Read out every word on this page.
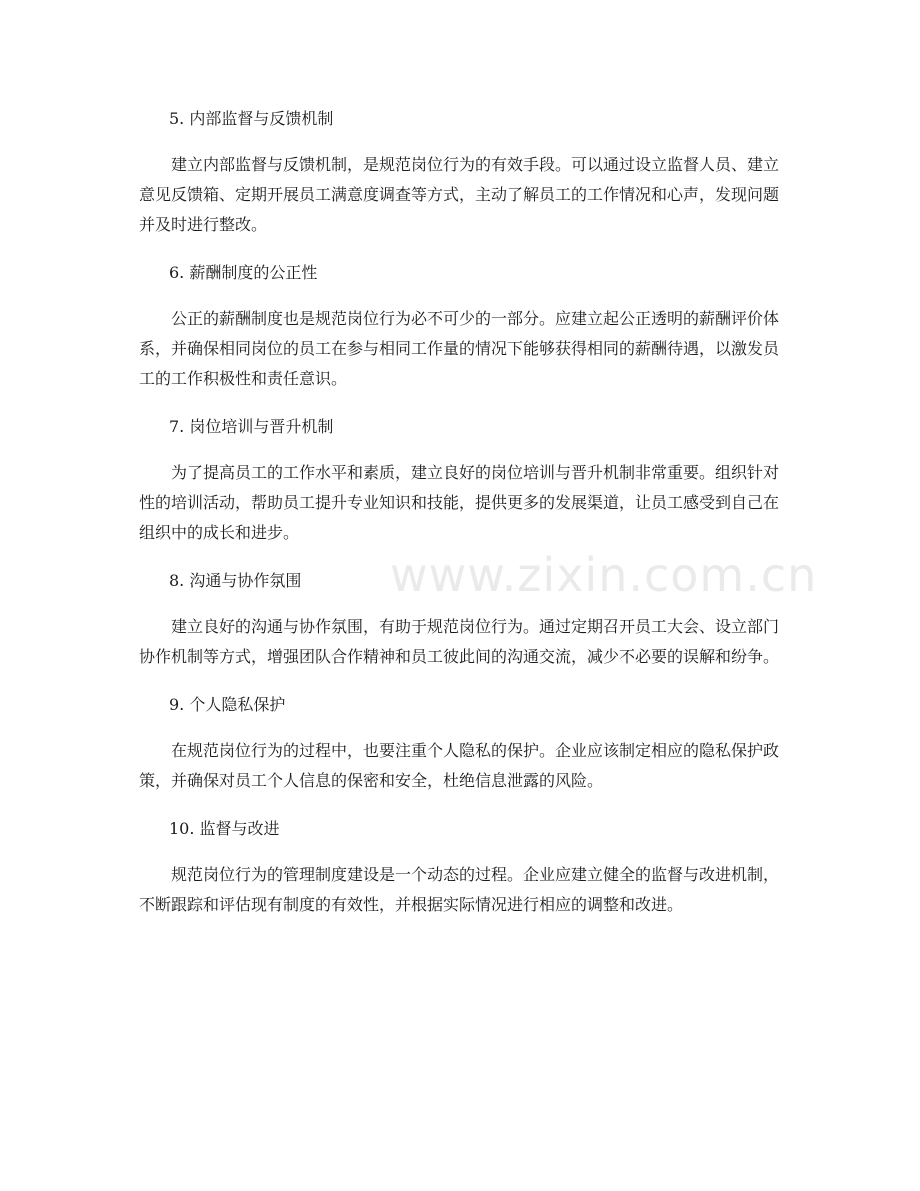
5. 内部监督与反馈机制
建立内部监督与反馈机制，是规范岗位行为的有效手段。可以通过设立监督人员、建立意见反馈箱、定期开展员工满意度调查等方式，主动了解员工的工作情况和心声，发现问题并及时进行整改。
6. 薪酬制度的公正性
公正的薪酬制度也是规范岗位行为必不可少的一部分。应建立起公正透明的薪酬评价体系，并确保相同岗位的员工在参与相同工作量的情况下能够获得相同的薪酬待遇，以激发员工的工作积极性和责任意识。
7. 岗位培训与晋升机制
为了提高员工的工作水平和素质，建立良好的岗位培训与晋升机制非常重要。组织针对性的培训活动，帮助员工提升专业知识和技能，提供更多的发展渠道，让员工感受到自己在组织中的成长和进步。
8. 沟通与协作氛围
建立良好的沟通与协作氛围，有助于规范岗位行为。通过定期召开员工大会、设立部门协作机制等方式，增强团队合作精神和员工彼此间的沟通交流，减少不必要的误解和纷争。
9. 个人隐私保护
在规范岗位行为的过程中，也要注重个人隐私的保护。企业应该制定相应的隐私保护政策，并确保对员工个人信息的保密和安全，杜绝信息泄露的风险。
10. 监督与改进
规范岗位行为的管理制度建设是一个动态的过程。企业应建立健全的监督与改进机制，不断跟踪和评估现有制度的有效性，并根据实际情况进行相应的调整和改进。
www.zixin.com.cn
